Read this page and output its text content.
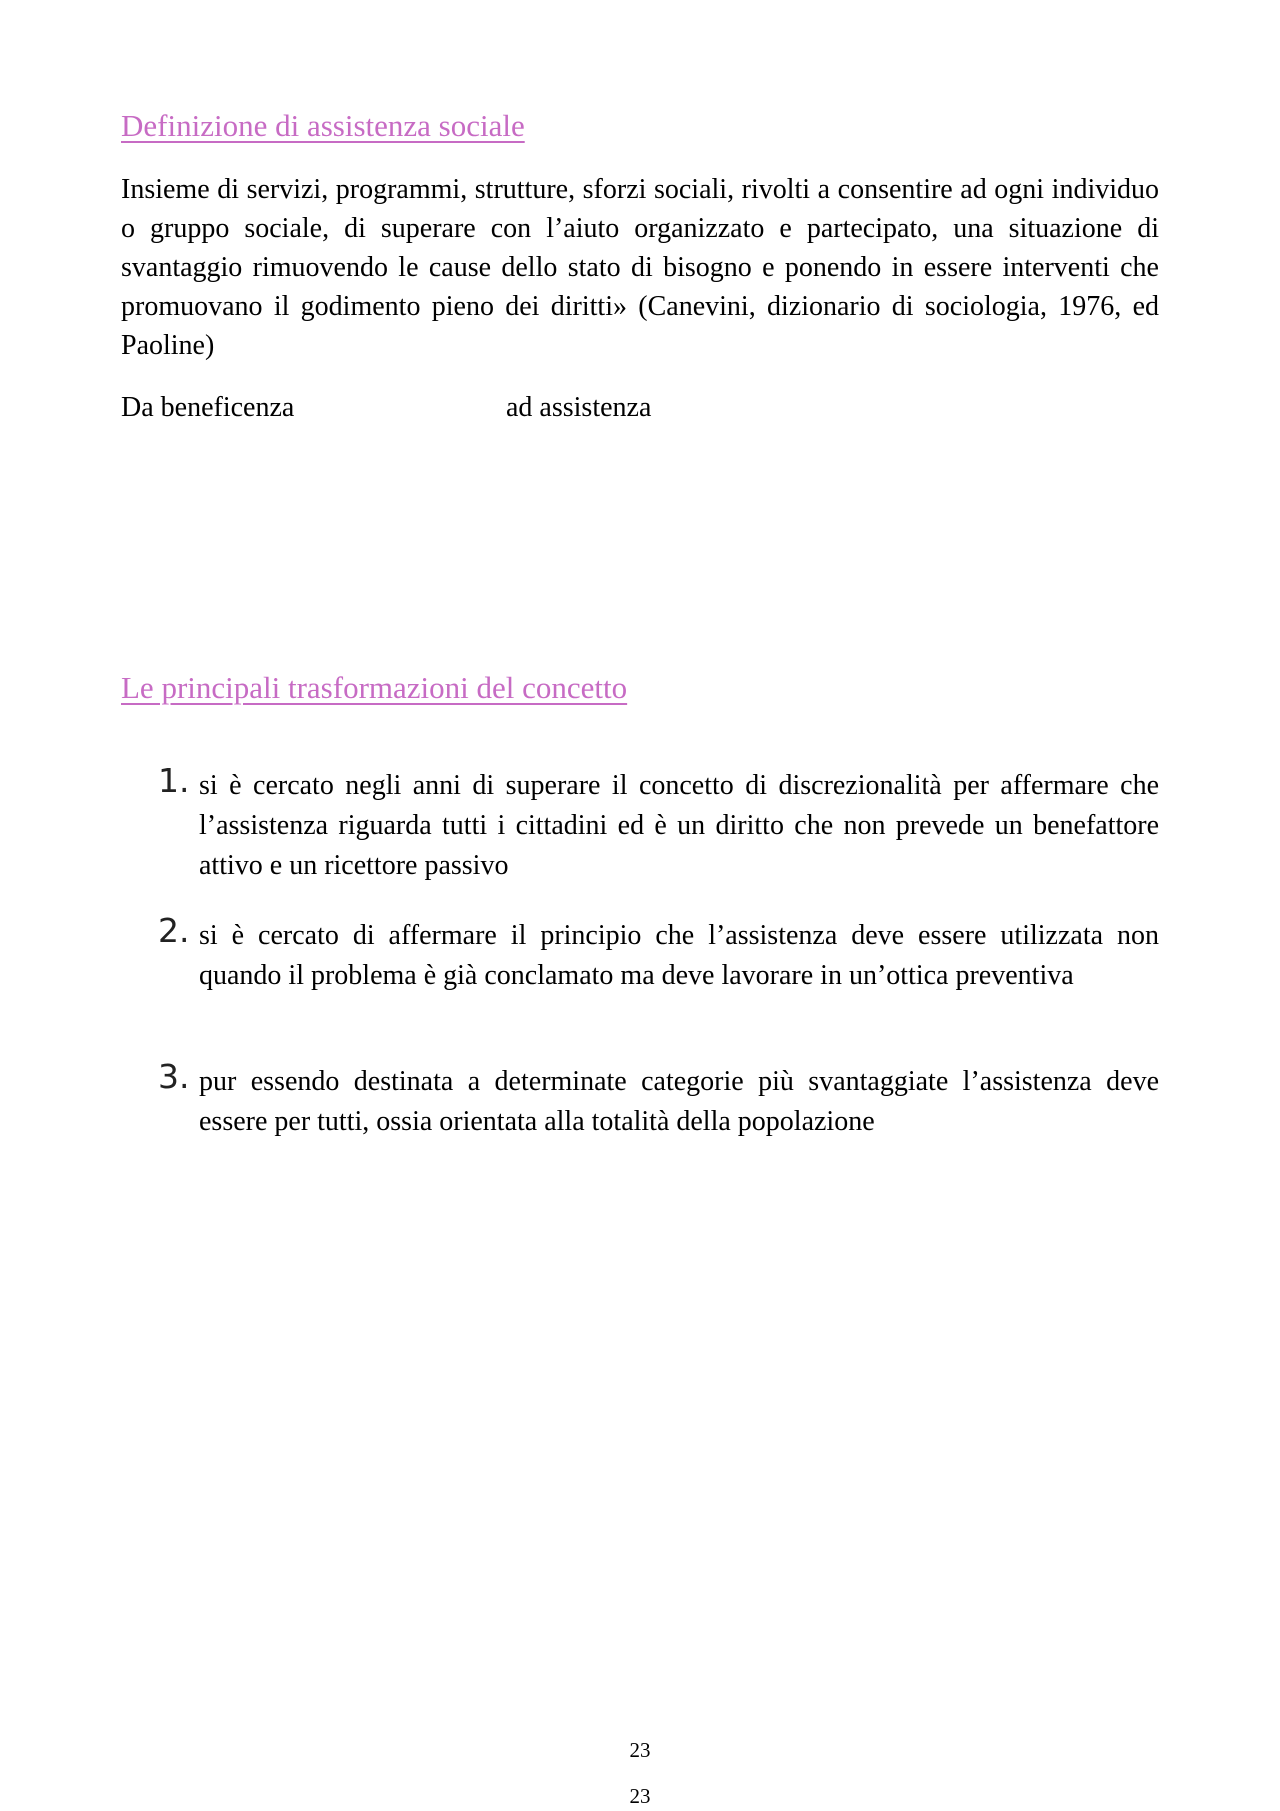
Definizione di assistenza sociale

Insieme di servizi, programmi, strutture, sforzi sociali, rivolti a consentire ad ogni individuo o gruppo sociale, di superare con l’aiuto organizzato e partecipato, una situazione di svantaggio rimuovendo le cause dello stato di bisogno e ponendo in essere interventi che promuovano il godimento pieno dei diritti» (Canevini, dizionario di sociologia, 1976, ed Paoline)

Da beneficenza	ad assistenza
Le principali trasformazioni del concetto
1. si è cercato negli anni di superare il concetto di discrezionalità per affermare che l’assistenza riguarda tutti i cittadini ed è un diritto che non prevede un benefattore attivo e un ricettore passivo

2. si è cercato di affermare il principio che l’assistenza deve essere utilizzata non quando il problema è già conclamato ma deve lavorare in un’ottica preventiva

3. pur essendo destinata a determinate categorie più svantaggiate l’assistenza deve essere per tutti, ossia orientata alla totalità della popolazione

23
23
